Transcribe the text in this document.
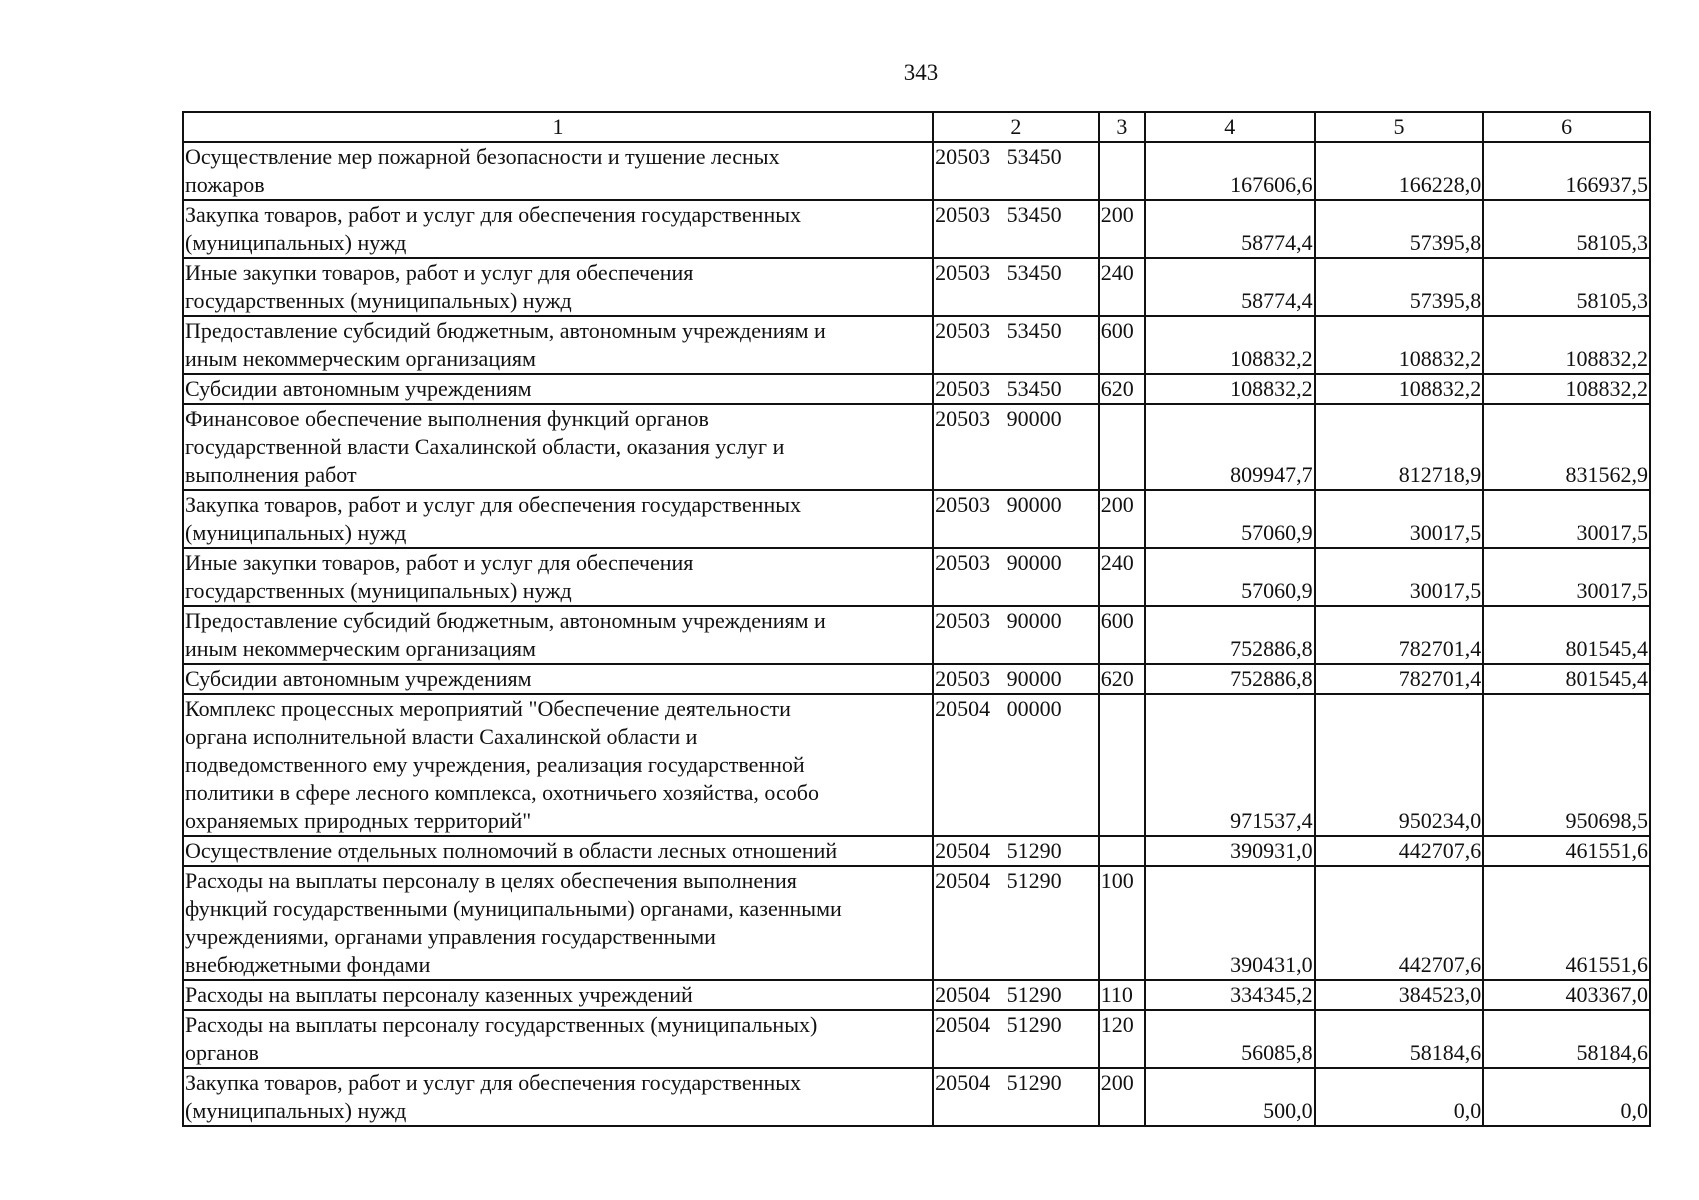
343
1	2	3	4	5	6
Осуществление мер пожарной безопасности и тушение лесных
пожаров	20503   53450		167606,6	166228,0	166937,5
Закупка товаров, работ и услуг для обеспечения государственных
(муниципальных) нужд	20503   53450	200	58774,4	57395,8	58105,3
Иные закупки товаров, работ и услуг для обеспечения
государственных (муниципальных) нужд	20503   53450	240	58774,4	57395,8	58105,3
Предоставление субсидий бюджетным, автономным учреждениям и
иным некоммерческим организациям	20503   53450	600	108832,2	108832,2	108832,2
Субсидии автономным учреждениям	20503   53450	620	108832,2	108832,2	108832,2
Финансовое обеспечение выполнения функций органов
государственной власти Сахалинской области, оказания услуг и
выполнения работ	20503   90000		809947,7	812718,9	831562,9
Закупка товаров, работ и услуг для обеспечения государственных
(муниципальных) нужд	20503   90000	200	57060,9	30017,5	30017,5
Иные закупки товаров, работ и услуг для обеспечения
государственных (муниципальных) нужд	20503   90000	240	57060,9	30017,5	30017,5
Предоставление субсидий бюджетным, автономным учреждениям и
иным некоммерческим организациям	20503   90000	600	752886,8	782701,4	801545,4
Субсидии автономным учреждениям	20503   90000	620	752886,8	782701,4	801545,4
Комплекс процессных мероприятий "Обеспечение деятельности
органа исполнительной власти Сахалинской области и
подведомственного ему учреждения, реализация государственной
политики в сфере лесного комплекса, охотничьего хозяйства, особо
охраняемых природных территорий"	20504   00000		971537,4	950234,0	950698,5
Осуществление отдельных полномочий в области лесных отношений	20504   51290		390931,0	442707,6	461551,6
Расходы на выплаты персоналу в целях обеспечения выполнения
функций государственными (муниципальными) органами, казенными
учреждениями, органами управления государственными
внебюджетными фондами	20504   51290	100	390431,0	442707,6	461551,6
Расходы на выплаты персоналу казенных учреждений	20504   51290	110	334345,2	384523,0	403367,0
Расходы на выплаты персоналу государственных (муниципальных)
органов	20504   51290	120	56085,8	58184,6	58184,6
Закупка товаров, работ и услуг для обеспечения государственных
(муниципальных) нужд	20504   51290	200	500,0	0,0	0,0
